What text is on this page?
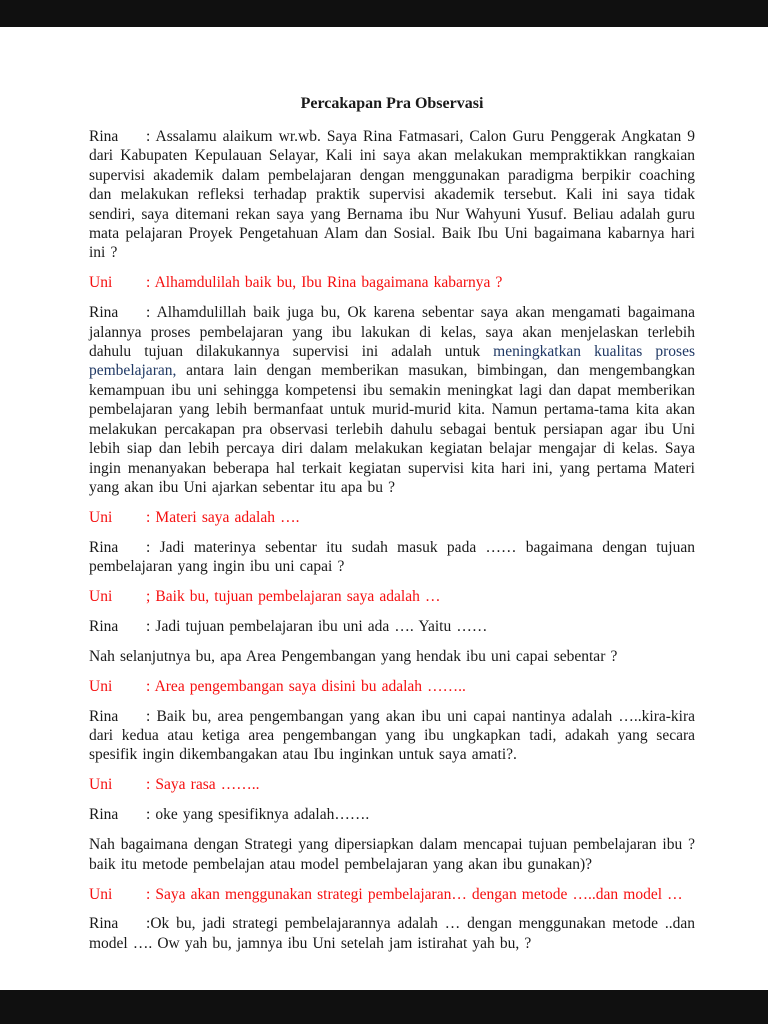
Percakapan Pra Observasi

Rina : Assalamu alaikum wr.wb. Saya Rina Fatmasari, Calon Guru Penggerak Angkatan 9 dari Kabupaten Kepulauan Selayar, Kali ini saya akan melakukan mempraktikkan rangkaian supervisi akademik dalam pembelajaran dengan menggunakan paradigma berpikir coaching dan melakukan refleksi terhadap praktik supervisi akademik tersebut. Kali ini saya tidak sendiri, saya ditemani rekan saya yang Bernama ibu Nur Wahyuni Yusuf. Beliau adalah guru mata pelajaran Proyek Pengetahuan Alam dan Sosial. Baik Ibu Uni bagaimana kabarnya hari ini ?

Uni : Alhamdulilah baik bu, Ibu Rina bagaimana kabarnya ?

Rina : Alhamdulillah baik juga bu, Ok karena sebentar saya akan mengamati bagaimana jalannya proses pembelajaran yang ibu lakukan di kelas, saya akan menjelaskan terlebih dahulu tujuan dilakukannya supervisi ini adalah untuk meningkatkan kualitas proses pembelajaran, antara lain dengan memberikan masukan, bimbingan, dan mengembangkan kemampuan ibu uni sehingga kompetensi ibu semakin meningkat lagi dan dapat memberikan pembelajaran yang lebih bermanfaat untuk murid-murid kita. Namun pertama-tama kita akan melakukan percakapan pra observasi terlebih dahulu sebagai bentuk persiapan agar ibu Uni lebih siap dan lebih percaya diri dalam melakukan kegiatan belajar mengajar di kelas. Saya ingin menanyakan beberapa hal terkait kegiatan supervisi kita hari ini, yang pertama Materi yang akan ibu Uni ajarkan sebentar itu apa bu ?

Uni : Materi saya adalah ….

Rina : Jadi materinya sebentar itu sudah masuk pada …… bagaimana dengan tujuan pembelajaran yang ingin ibu uni capai ?

Uni ; Baik bu, tujuan pembelajaran saya adalah …

Rina : Jadi tujuan pembelajaran ibu uni ada …. Yaitu ……

Nah selanjutnya bu, apa Area Pengembangan yang hendak ibu uni capai sebentar ?

Uni : Area pengembangan saya disini bu adalah ……..

Rina : Baik bu, area pengembangan yang akan ibu uni capai nantinya adalah …..kira-kira dari kedua atau ketiga area pengembangan yang ibu ungkapkan tadi, adakah yang secara spesifik ingin dikembangakan atau Ibu inginkan untuk saya amati?.

Uni : Saya rasa ……..

Rina : oke yang spesifiknya adalah…….

Nah bagaimana dengan Strategi yang dipersiapkan dalam mencapai tujuan pembelajaran ibu ? baik itu metode pembelajan atau model pembelajaran yang akan ibu gunakan)?

Uni : Saya akan menggunakan strategi pembelajaran… dengan metode …..dan model …

Rina :Ok bu, jadi strategi pembelajarannya adalah … dengan menggunakan metode ..dan model …. Ow yah bu, jamnya ibu Uni setelah jam istirahat yah bu, ?
